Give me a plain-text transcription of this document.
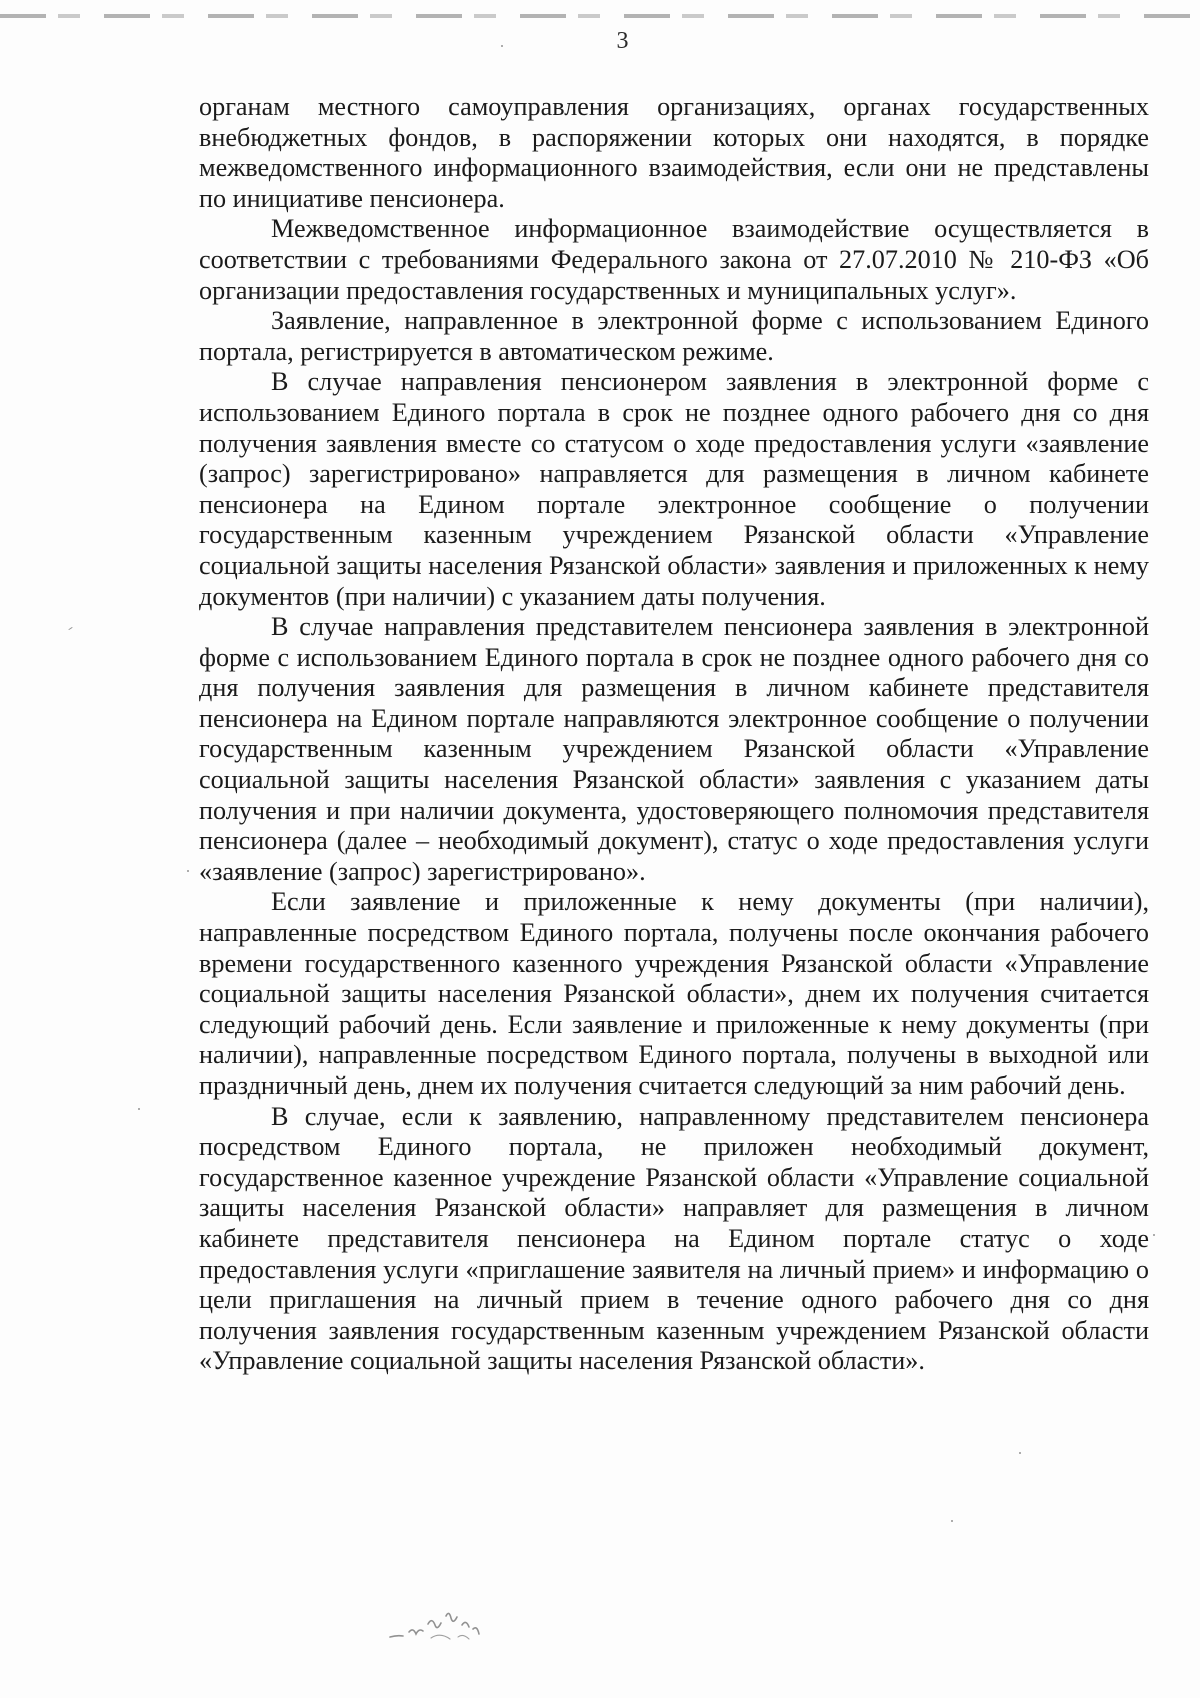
3

органам местного самоуправления организациях, органах государственных внебюджетных фондов, в распоряжении которых они находятся, в порядке межведомственного информационного взаимодействия, если они не представлены по инициативе пенсионера.

Межведомственное информационное взаимодействие осуществляется в соответствии с требованиями Федерального закона от 27.07.2010 № 210-ФЗ «Об организации предоставления государственных и муниципальных услуг».

Заявление, направленное в электронной форме с использованием Единого портала, регистрируется в автоматическом режиме.

В случае направления пенсионером заявления в электронной форме с использованием Единого портала в срок не позднее одного рабочего дня со дня получения заявления вместе со статусом о ходе предоставления услуги «заявление (запрос) зарегистрировано» направляется для размещения в личном кабинете пенсионера на Едином портале электронное сообщение о получении государственным казенным учреждением Рязанской области «Управление социальной защиты населения Рязанской области» заявления и приложенных к нему документов (при наличии) с указанием даты получения.

В случае направления представителем пенсионера заявления в электронной форме с использованием Единого портала в срок не позднее одного рабочего дня со дня получения заявления для размещения в личном кабинете представителя пенсионера на Едином портале направляются электронное сообщение о получении государственным казенным учреждением Рязанской области «Управление социальной защиты населения Рязанской области» заявления с указанием даты получения и при наличии документа, удостоверяющего полномочия представителя пенсионера (далее – необходимый документ), статус о ходе предоставления услуги «заявление (запрос) зарегистрировано».

Если заявление и приложенные к нему документы (при наличии), направленные посредством Единого портала, получены после окончания рабочего времени государственного казенного учреждения Рязанской области «Управление социальной защиты населения Рязанской области», днем их получения считается следующий рабочий день. Если заявление и приложенные к нему документы (при наличии), направленные посредством Единого портала, получены в выходной или праздничный день, днем их получения считается следующий за ним рабочий день.

В случае, если к заявлению, направленному представителем пенсионера посредством Единого портала, не приложен необходимый документ, государственное казенное учреждение Рязанской области «Управление социальной защиты населения Рязанской области» направляет для размещения в личном кабинете представителя пенсионера на Едином портале статус о ходе предоставления услуги «приглашение заявителя на личный прием» и информацию о цели приглашения на личный прием в течение одного рабочего дня со дня получения заявления государственным казенным учреждением Рязанской области «Управление социальной защиты населения Рязанской области».
